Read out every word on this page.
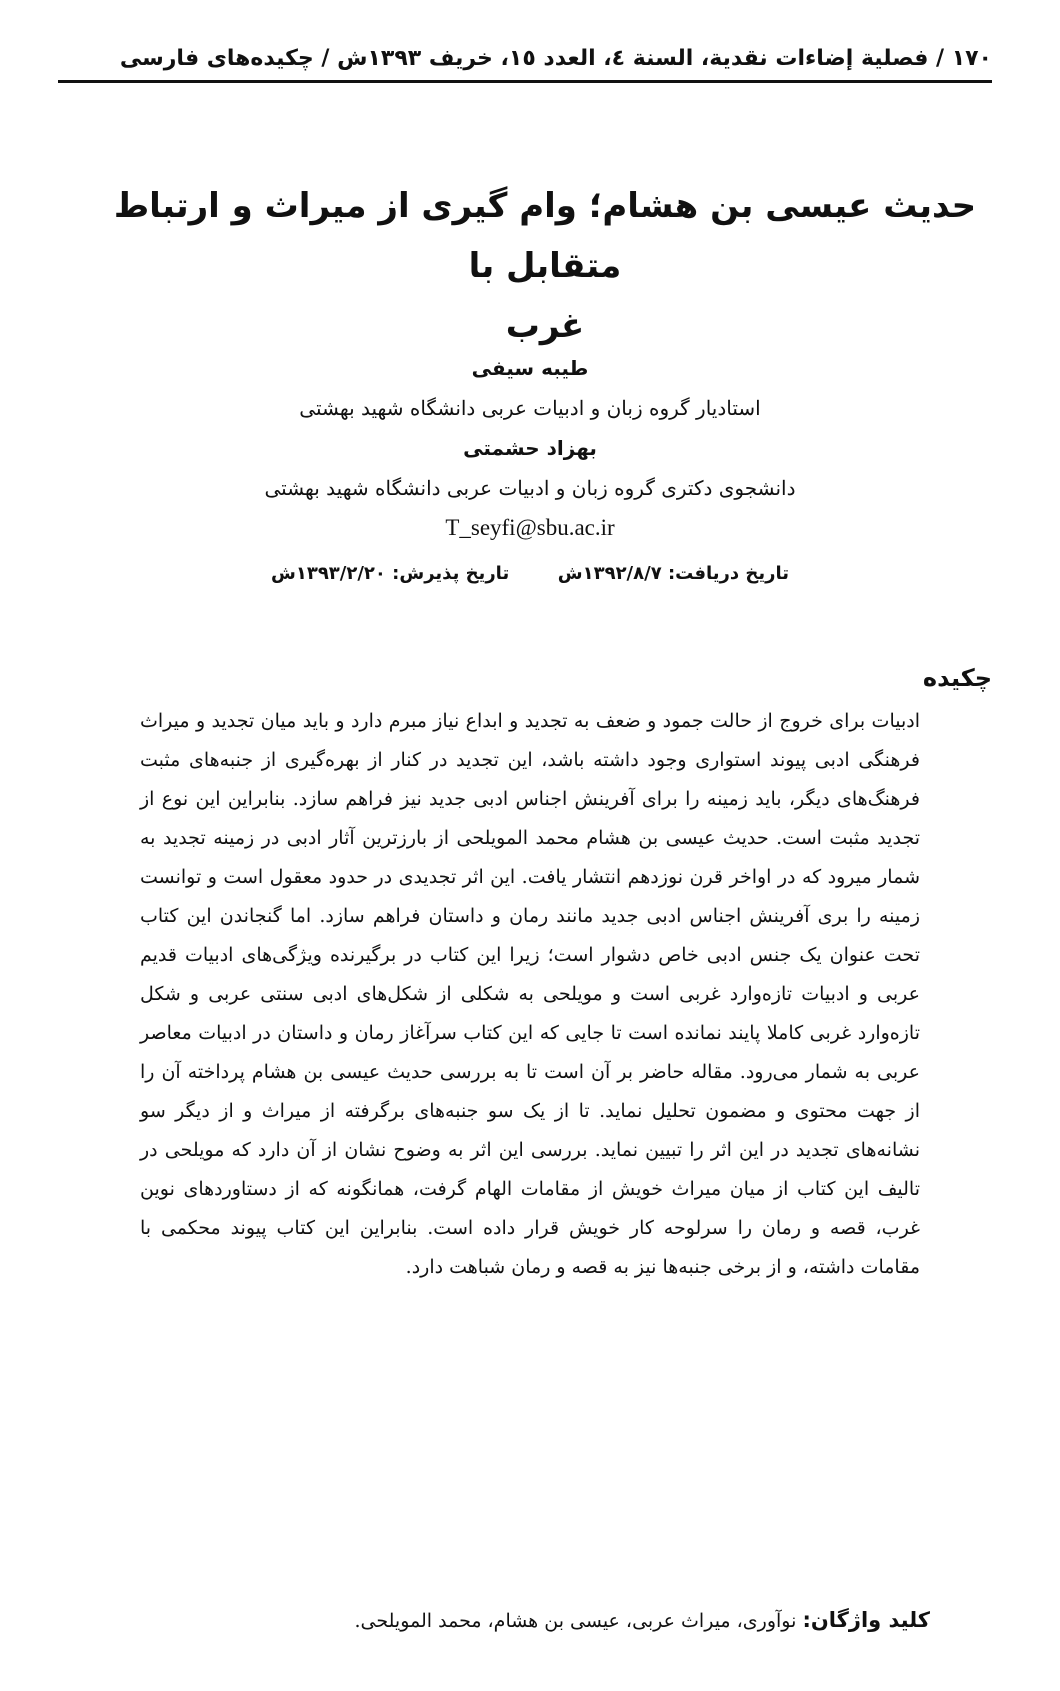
١٧٠ / فصلية إضاءات نقدية، السنة ٤، العدد ١٥، خريف ١٣٩٣ش / چكيده‌های فارسی
حديث عيسی بن هشام؛ وام گيری از ميراث و ارتباط متقابل با
غرب
طيبه سيفی
استاديار گروه زبان و ادبيات عربی دانشگاه شهيد بهشتی
بهزاد حشمتی
دانشجوی دكتری گروه زبان و ادبيات عربی دانشگاه شهيد بهشتی
T_seyfi@sbu.ac.ir
تاريخ دريافت: ١٣٩٢/٨/٧ش  تاريخ پذيرش: ١٣٩٣/٢/٢٠ش
چكيده
ادبيات برای خروج از حالت جمود و ضعف به تجديد و ابداع نياز مبرم دارد و بايد ميان تجديد و ميراث فرهنگی ادبی پيوند استواری وجود داشته باشد، اين تجديد در كنار از بهره‌گيری از جنبه‌های مثبت فرهنگ‌های ديگر، بايد زمينه را برای آفرينش اجناس ادبی جديد نيز فراهم سازد. بنابراين اين نوع از تجديد مثبت است. حديث عيسی بن هشام محمد المويلحی از بارزترين آثار ادبی در زمينه تجديد به شمار ميرود كه در اواخر قرن نوزدهم انتشار يافت. اين اثر تجديدی در حدود معقول است و توانست زمينه را بری آفرينش اجناس ادبی جديد مانند رمان و داستان فراهم سازد. اما گنجاندن اين كتاب تحت عنوان يک جنس ادبی خاص دشوار است؛ زيرا اين كتاب در برگيرنده ويژگی‌های ادبيات قديم عربی و ادبيات تازه‌وارد غربی است و مويلحی به شكلی از شكل‌های ادبی سنتی عربی و شكل تازه‌وارد غربی كاملا پايند نمانده است تا جايی كه اين كتاب سرآغاز رمان و داستان در ادبيات معاصر عربی به شمار می‌رود. مقاله حاضر بر آن است تا به بررسی حديث عيسی بن هشام پرداخته آن را از جهت محتوی و مضمون تحليل نمايد. تا از يک سو جنبه‌های برگرفته از ميراث و از ديگر سو نشانه‌های تجديد در اين اثر را تبيين نمايد. بررسی اين اثر به وضوح نشان از آن دارد كه مويلحی در تاليف اين كتاب از ميان ميراث خويش از مقامات الهام گرفت، همانگونه كه از دستاوردهای نوين غرب، قصه و رمان را سرلوحه كار خويش قرار داده است. بنابراين اين كتاب پيوند محكمی با مقامات داشته، و از برخی جنبه‌ها نيز به قصه و رمان شباهت دارد.
كليد واژگان: نوآوری، ميراث عربی، عيسی بن هشام، محمد المويلحی.
